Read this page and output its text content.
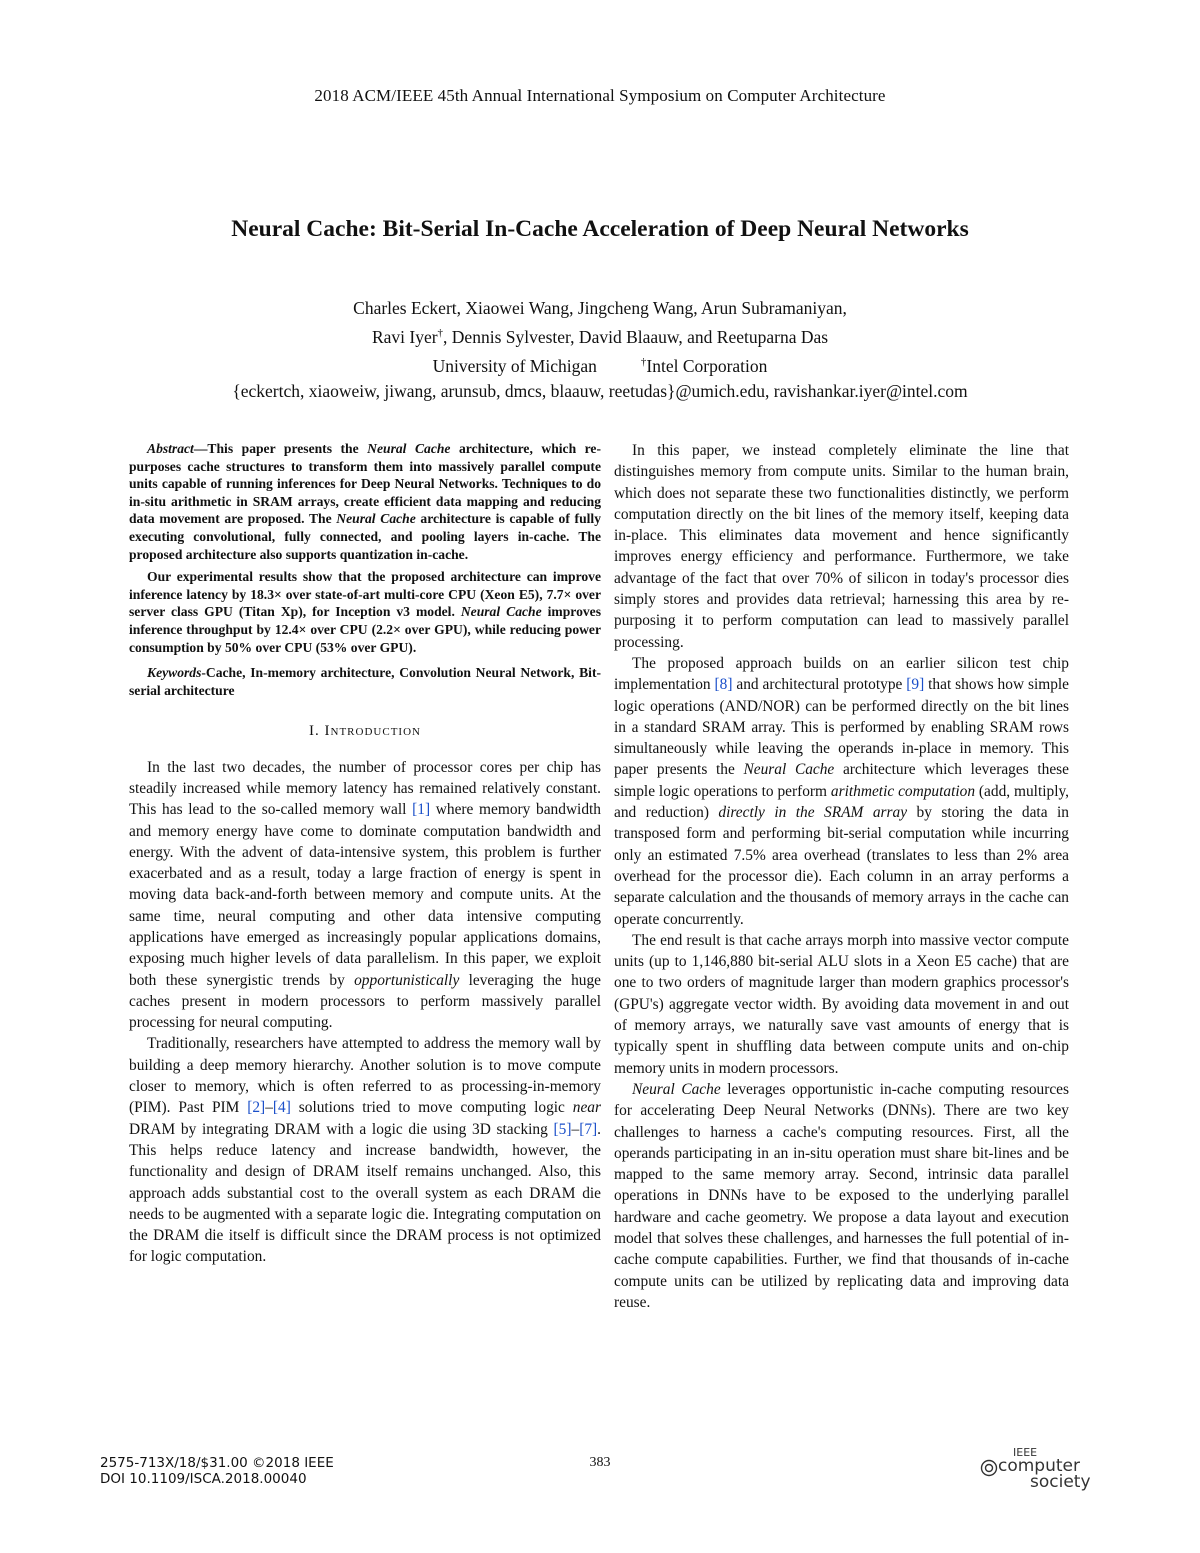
2018 ACM/IEEE 45th Annual International Symposium on Computer Architecture
Neural Cache: Bit-Serial In-Cache Acceleration of Deep Neural Networks
Charles Eckert, Xiaowei Wang, Jingcheng Wang, Arun Subramaniyan,
Ravi Iyer†, Dennis Sylvester, David Blaauw, and Reetuparna Das
University of Michigan	†Intel Corporation
{eckertch, xiaoweiw, jiwang, arunsub, dmcs, blaauw, reetudas}@umich.edu, ravishankar.iyer@intel.com

Abstract—This paper presents the Neural Cache architecture, which re-purposes cache structures to transform them into massively parallel compute units capable of running inferences for Deep Neural Networks. Techniques to do in-situ arithmetic in SRAM arrays, create efficient data mapping and reducing data movement are proposed. The Neural Cache architecture is capable of fully executing convolutional, fully connected, and pooling layers in-cache. The proposed architecture also supports quantization in-cache.

Our experimental results show that the proposed architecture can improve inference latency by 18.3× over state-of-art multi-core CPU (Xeon E5), 7.7× over server class GPU (Titan Xp), for Inception v3 model. Neural Cache improves inference throughput by 12.4× over CPU (2.2× over GPU), while reducing power consumption by 50% over CPU (53% over GPU).

Keywords-Cache, In-memory architecture, Convolution Neural Network, Bit-serial architecture
I. Introduction

In the last two decades, the number of processor cores per chip has steadily increased while memory latency has remained relatively constant. This has lead to the so-called memory wall [1] where memory bandwidth and memory energy have come to dominate computation bandwidth and energy. With the advent of data-intensive system, this problem is further exacerbated and as a result, today a large fraction of energy is spent in moving data back-and-forth between memory and compute units. At the same time, neural computing and other data intensive computing applications have emerged as increasingly popular applications domains, exposing much higher levels of data parallelism. In this paper, we exploit both these synergistic trends by opportunistically leveraging the huge caches present in modern processors to perform massively parallel processing for neural computing.

Traditionally, researchers have attempted to address the memory wall by building a deep memory hierarchy. Another solution is to move compute closer to memory, which is often referred to as processing-in-memory (PIM). Past PIM [2]–[4] solutions tried to move computing logic near DRAM by integrating DRAM with a logic die using 3D stacking [5]–[7]. This helps reduce latency and increase bandwidth, however, the functionality and design of DRAM itself remains unchanged. Also, this approach adds substantial cost to the overall system as each DRAM die needs to be augmented with a separate logic die. Integrating computation on the DRAM die itself is difficult since the DRAM process is not optimized for logic computation.

In this paper, we instead completely eliminate the line that distinguishes memory from compute units. Similar to the human brain, which does not separate these two functionalities distinctly, we perform computation directly on the bit lines of the memory itself, keeping data in-place. This eliminates data movement and hence significantly improves energy efficiency and performance. Furthermore, we take advantage of the fact that over 70% of silicon in today's processor dies simply stores and provides data retrieval; harnessing this area by re-purposing it to perform computation can lead to massively parallel processing.

The proposed approach builds on an earlier silicon test chip implementation [8] and architectural prototype [9] that shows how simple logic operations (AND/NOR) can be performed directly on the bit lines in a standard SRAM array. This is performed by enabling SRAM rows simultaneously while leaving the operands in-place in memory. This paper presents the Neural Cache architecture which leverages these simple logic operations to perform arithmetic computation (add, multiply, and reduction) directly in the SRAM array by storing the data in transposed form and performing bit-serial computation while incurring only an estimated 7.5% area overhead (translates to less than 2% area overhead for the processor die). Each column in an array performs a separate calculation and the thousands of memory arrays in the cache can operate concurrently.

The end result is that cache arrays morph into massive vector compute units (up to 1,146,880 bit-serial ALU slots in a Xeon E5 cache) that are one to two orders of magnitude larger than modern graphics processor's (GPU's) aggregate vector width. By avoiding data movement in and out of memory arrays, we naturally save vast amounts of energy that is typically spent in shuffling data between compute units and on-chip memory units in modern processors.

Neural Cache leverages opportunistic in-cache computing resources for accelerating Deep Neural Networks (DNNs). There are two key challenges to harness a cache's computing resources. First, all the operands participating in an in-situ operation must share bit-lines and be mapped to the same memory array. Second, intrinsic data parallel operations in DNNs have to be exposed to the underlying parallel hardware and cache geometry. We propose a data layout and execution model that solves these challenges, and harnesses the full potential of in-cache compute capabilities. Further, we find that thousands of in-cache compute units can be utilized by replicating data and improving data reuse.

2575-713X/18/$31.00 ©2018 IEEE
DOI 10.1109/ISCA.2018.00040
383
IEEE
computer
society
